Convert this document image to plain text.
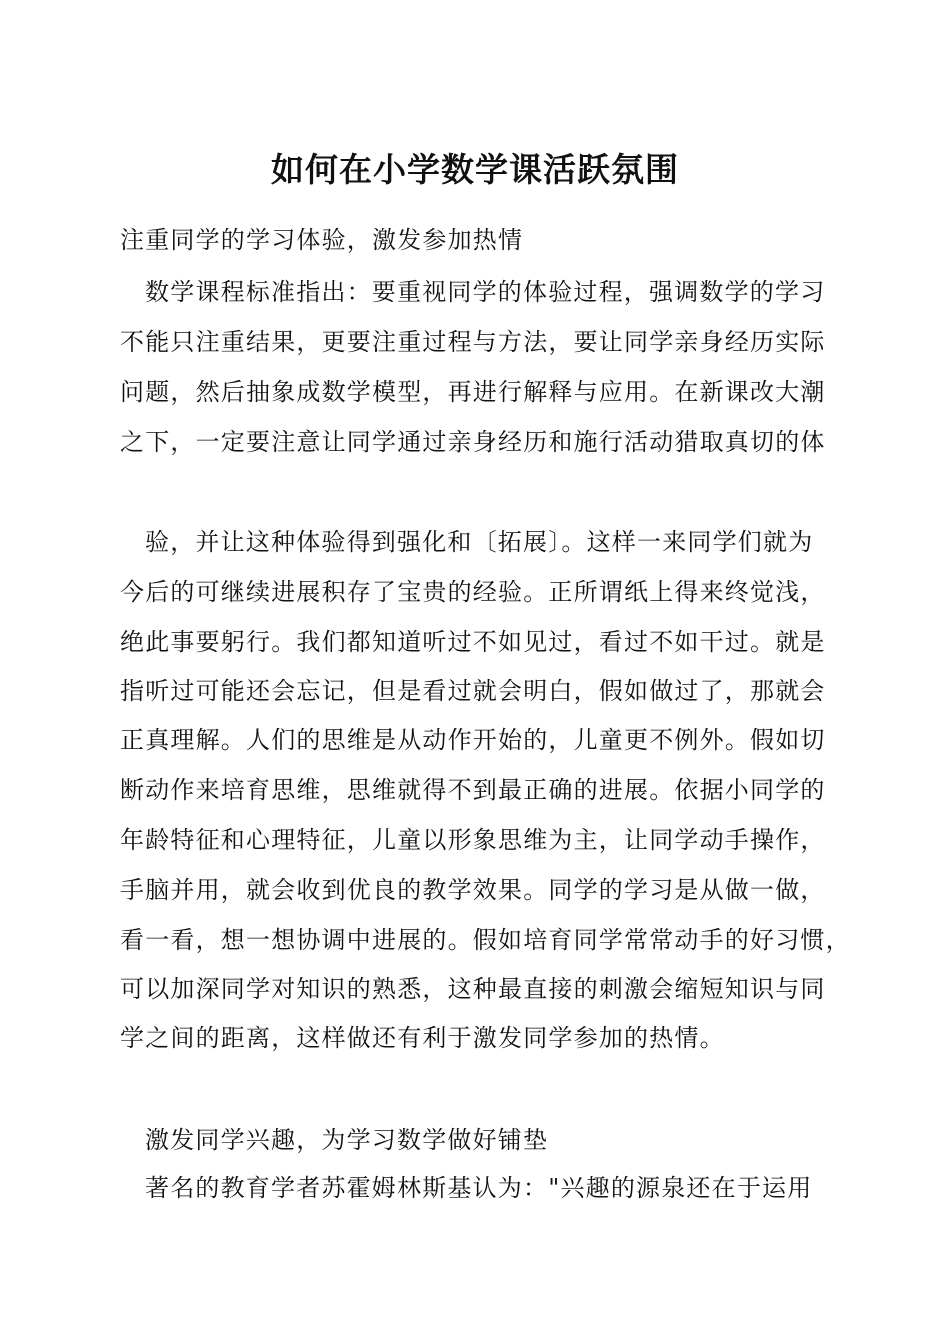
如何在小学数学课活跃氛围
注重同学的学习体验，激发参加热情
数学课程标准指出：要重视同学的体验过程，强调数学的学习
不能只注重结果，更要注重过程与方法，要让同学亲身经历实际
问题，然后抽象成数学模型，再进行解释与应用。在新课改大潮
之下，一定要注意让同学通过亲身经历和施行活动猎取真切的体
验，并让这种体验得到强化和〔拓展〕。这样一来同学们就为
今后的可继续进展积存了宝贵的经验。正所谓纸上得来终觉浅，
绝此事要躬行。我们都知道听过不如见过，看过不如干过。就是
指听过可能还会忘记，但是看过就会明白，假如做过了，那就会
正真理解。人们的思维是从动作开始的，儿童更不例外。假如切
断动作来培育思维，思维就得不到最正确的进展。依据小同学的
年龄特征和心理特征，儿童以形象思维为主，让同学动手操作，
手脑并用，就会收到优良的教学效果。同学的学习是从做一做，
看一看，想一想协调中进展的。假如培育同学常常动手的好习惯，
可以加深同学对知识的熟悉，这种最直接的刺激会缩短知识与同
学之间的距离，这样做还有利于激发同学参加的热情。
激发同学兴趣，为学习数学做好铺垫
著名的教育学者苏霍姆林斯基认为："兴趣的源泉还在于运用
